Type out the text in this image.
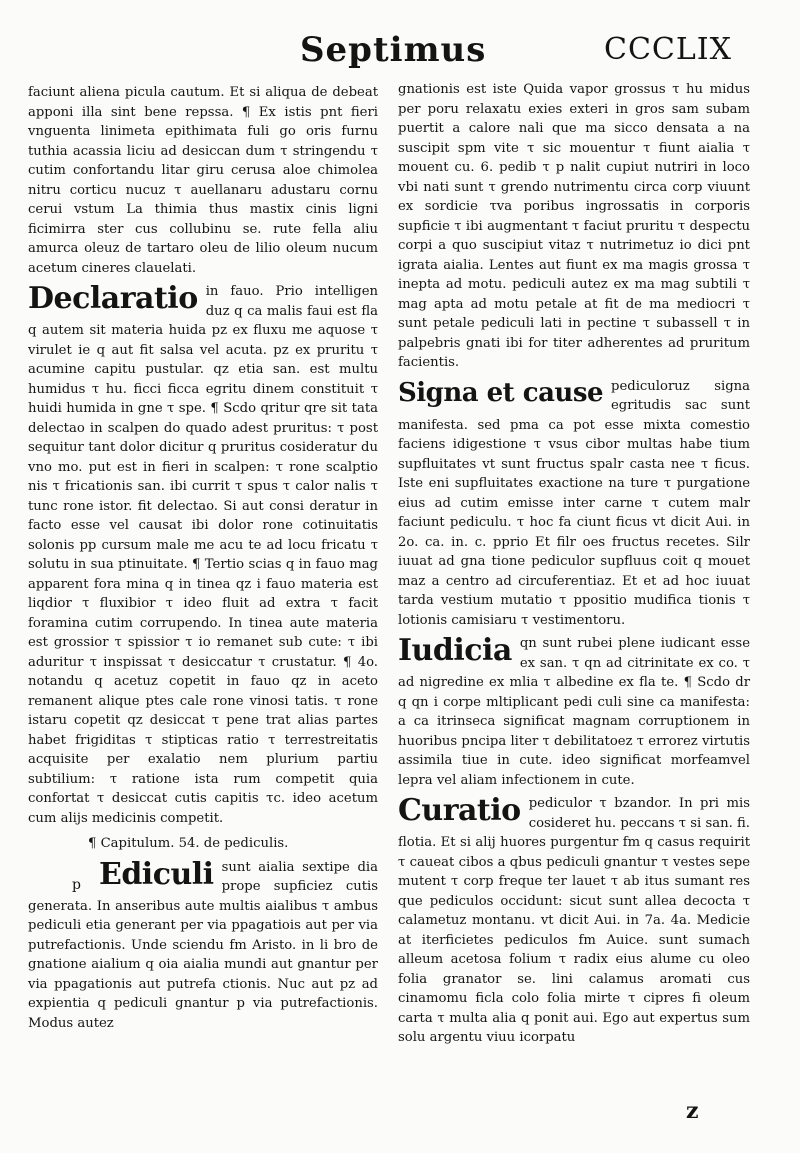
Septimus	CCCLIX

faciunt aliena picula cautum. Et si aliqua de debeat apponi illa sint bene repssa. ¶ Ex istis pnt fieri vnguenta linimeta epithimata fuli go oris furnu tuthia acassia liciu ad desiccan dum τ stringendu τ cutim confortandu litar giru cerusa aloe chimolea nitru corticu nucuz τ auellanaru adustaru cornu cerui vstum La thimia thus mastix cinis ligni ficimirra ster cus collubinu se. rute fella aliu amurca oleuz de tartaro oleu de lilio oleum nucum acetum cineres clauelati.

Declaratio in fauo. Prio intelligen duz q ca malis faui est fla q autem sit materia huida pz ex fluxu me aquose τ virulet ie q aut fit salsa vel acuta. pz ex pruritu τ acumine capitu pustular. qz etia san. est multu humidus τ hu. ficci ficca egritu dinem constituit τ huidi humida in gne τ spe. ¶ Scdo qritur qre sit tata delectao in scalpen do quado adest pruritus: τ post sequitur tant dolor dicitur q pruritus cosideratur du vno mo. put est in fieri in scalpen: τ rone scalptio nis τ fricationis san. ibi currit τ spus τ calor nalis τ tunc rone istor. fit delectao. Si aut consi deratur in facto esse vel causat ibi dolor rone cotinuitatis solonis pp cursum male me acu te ad locu fricatu τ solutu in sua ptinuitate. ¶ Tertio scias q in fauo mag apparent fora mina q in tinea qz i fauo materia est liqdior τ fluxibior τ ideo fluit ad extra τ facit foramina cutim corrupendo. In tinea aute materia est grossior τ spissior τ io remanet sub cute: τ ibi aduritur τ inspissat τ desiccatur τ crustatur. ¶ 4o. notandu q acetuz copetit in fauo qz in aceto remanent alique ptes cale rone vinosi tatis. τ rone istaru copetit qz desiccat τ pene trat alias partes habet frigiditas τ stipticas ratio τ terrestreitatis acquisite per exalatio nem plurium partiu subtilium: τ ratione ista rum competit quia confortat τ desiccat cutis capitis τc. ideo acetum cum alijs medicinis competit.

¶ Capitulum. 54. de pediculis.

p Ediculi sunt aialia sextipe dia prope supficiez cutis generata. In anseribus aute multis aialibus τ ambus pediculi etia generant per via ppagatiois aut per via putrefactionis. Unde sciendu fm Aristo. in li bro de gnatione aialium q oia aialia mundi aut gnantur per via ppagationis aut putrefa ctionis. Nuc aut pz ad expientia q pediculi gnantur p via putrefactionis. Modus autez

gnationis est iste Quida vapor grossus τ hu midus per poru relaxatu exies exteri in gros sam subam puertit a calore nali que ma sicco densata a na suscipit spm vite τ sic mouentur τ fiunt aialia τ mouent cu. 6. pedib τ p nalit cupiut nutriri in loco vbi nati sunt τ grendo nutrimentu circa corp viuunt ex sordicie τva poribus ingrossatis in corporis supficie τ ibi augmentant τ faciut pruritu τ despectu corpi a quo suscipiut vitaz τ nutrimetuz io dici pnt igrata aialia. Lentes aut fiunt ex ma magis grossa τ inepta ad motu. pediculi autez ex ma mag subtili τ mag apta ad motu petale at fit de ma mediocri τ sunt petale pediculi lati in pectine τ subassell τ in palpebris gnati ibi for titer adherentes ad pruritum facientis.

Signa et cause pediculoruz signa egritudis sac sunt manifesta. sed pma ca pot esse mixta comestio faciens idigestione τ vsus cibor multas habe tium supfluitates vt sunt fructus spalr casta nee τ ficus. Iste eni supfluitates exactione na ture τ purgatione eius ad cutim emisse inter carne τ cutem malr faciunt pediculu. τ hoc fa ciunt ficus vt dicit Aui. in 2o. ca. in. c. pprio Et filr oes fructus recetes. Silr iuuat ad gna tione pediculor supfluus coit q mouet maz a centro ad circuferentiaz. Et et ad hoc iuuat tarda vestium mutatio τ ppositio mudifica tionis τ lotionis camisiaru τ vestimentoru.

Iudicia qn sunt rubei plene iudicant esse ex san. τ qn ad citrinitate ex co. τ ad nigredine ex mlia τ albedine ex fla te. ¶ Scdo dr q qn i corpe mltiplicant pedi culi sine ca manifesta: a ca itrinseca significat magnam corruptionem in huoribus pncipa liter τ debilitatoez τ errorez virtutis assimila tiue in cute. ideo significat morfeamvel lepra vel aliam infectionem in cute.

Curatio pediculor τ bzandor. In pri mis cosideret hu. peccans τ si san. fi. flotia. Et si alij huores purgentur fm q casus requirit τ caueat cibos a qbus pediculi gnantur τ vestes sepe mutent τ corp freque ter lauet τ ab itus sumant res que pediculos occidunt: sicut sunt allea decocta τ calametuz montanu. vt dicit Aui. in 7a. 4a. Medicie at iterficietes pediculos fm Auice. sunt sumach alleum acetosa folium τ radix eius alume cu oleo folia granator se. lini calamus aromati cus cinamomu ficla colo folia mirte τ cipres fi oleum carta τ multa alia q ponit aui. Ego aut expertus sum solu argentu viuu icorpatu

z
